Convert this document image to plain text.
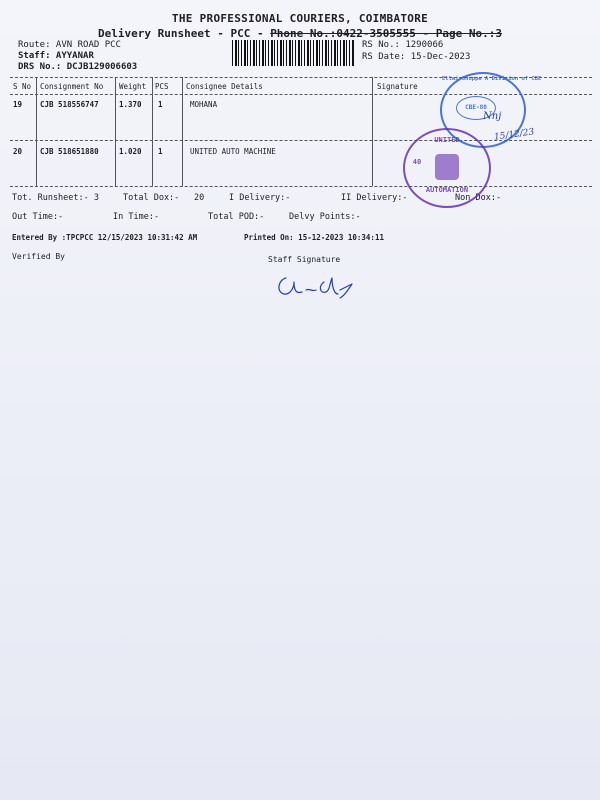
THE PROFESSIONAL COURIERS, COIMBATORE
Delivery Runsheet - PCC - Phone No.:0422-3505555 - Page No.:3
Route: AVN ROAD PCC
Staff: AYYANAR
DRS No.: DCJB129006603
RS No.: 1290066
RS Date: 15-Dec-2023
S No Consignment No Weight PCS Consignee Details	Signature
19 CJB 518556747	1.370 1	MOHANA
20 CJB 518651880	1.020 1	UNITED AUTO MACHINE
Tot. Runsheet:- 3	Total Dox:- 20	I Delivery:-	II Delivery:-	Non Dox:-
Out Time:-	In Time:-	Total POD:-	Delvy Points:-
Entered By :TPCPCC 12/15/2023 10:31:42 AM	Printed On: 15-12-2023 10:34:11
Verified By	Staff Signature
Ellai Shoppe A Division of CBE
CBE-80
Nnj
15/12/23
UNITED
40
AUTOMATION
